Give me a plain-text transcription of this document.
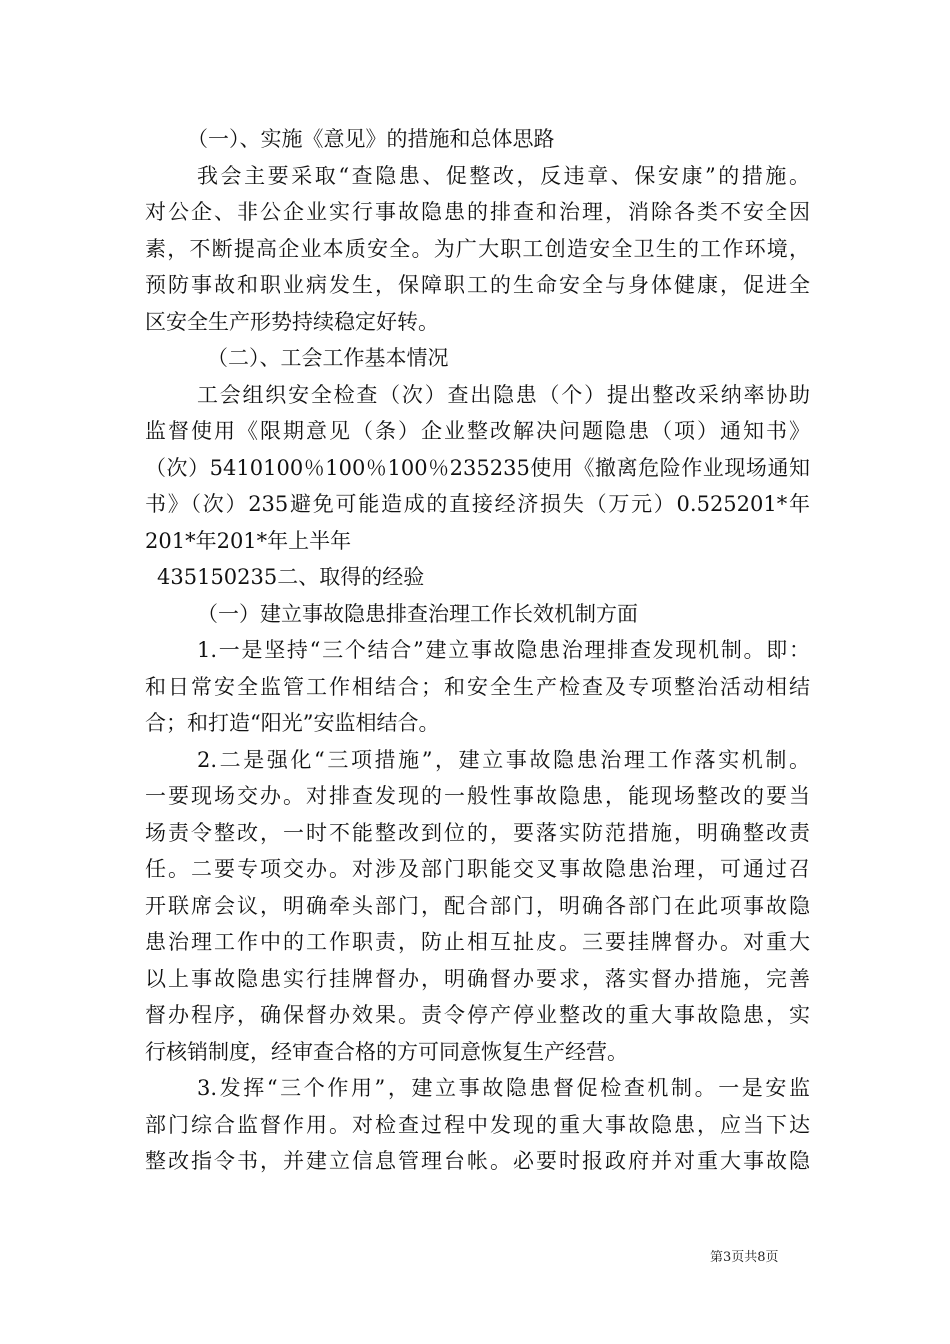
（一）、实施《意见》的措施和总体思路
我会主要采取“查隐患、促整改，反违章、保安康”的措施。
对公企、非公企业实行事故隐患的排查和治理，消除各类不安全因
素，不断提高企业本质安全。为广大职工创造安全卫生的工作环境，
预防事故和职业病发生，保障职工的生命安全与身体健康，促进全
区安全生产形势持续稳定好转。
（二）、工会工作基本情况
工会组织安全检查（次）查出隐患（个）提出整改采纳率协助
监督使用《限期意见（条）企业整改解决问题隐患（项）通知书》
（次）5410100％100％100％235235使用《撤离危险作业现场通知
书》（次）235避免可能造成的直接经济损失（万元）0.525201*年
201*年201*年上半年
435150235二、取得的经验
（一）建立事故隐患排查治理工作长效机制方面
1.一是坚持“三个结合”建立事故隐患治理排查发现机制。即：
和日常安全监管工作相结合；和安全生产检查及专项整治活动相结
合；和打造“阳光”安监相结合。
2.二是强化“三项措施”，建立事故隐患治理工作落实机制。
一要现场交办。对排查发现的一般性事故隐患，能现场整改的要当
场责令整改，一时不能整改到位的，要落实防范措施，明确整改责
任。二要专项交办。对涉及部门职能交叉事故隐患治理，可通过召
开联席会议，明确牵头部门，配合部门，明确各部门在此项事故隐
患治理工作中的工作职责，防止相互扯皮。三要挂牌督办。对重大
以上事故隐患实行挂牌督办，明确督办要求，落实督办措施，完善
督办程序，确保督办效果。责令停产停业整改的重大事故隐患，实
行核销制度，经审查合格的方可同意恢复生产经营。
3.发挥“三个作用”，建立事故隐患督促检查机制。一是安监
部门综合监督作用。对检查过程中发现的重大事故隐患，应当下达
整改指令书，并建立信息管理台帐。必要时报政府并对重大事故隐
第3页共8页
